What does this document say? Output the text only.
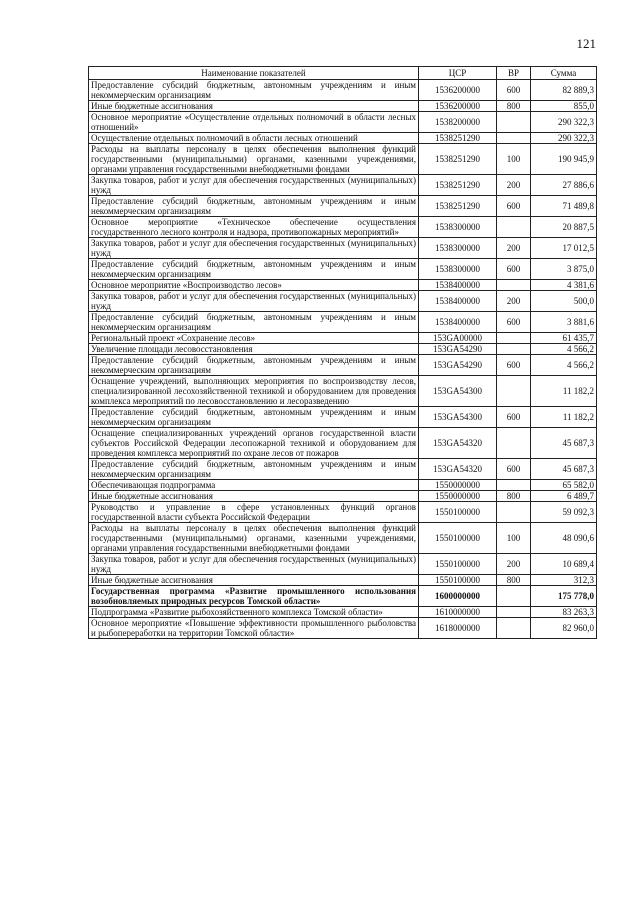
121
Наименование показателей	ЦСР	ВР	Сумма
Предоставление субсидий бюджетным, автономным учреждениям и иным некоммерческим организациям	1536200000	600	82 889,3
Иные бюджетные ассигнования	1536200000	800	855,0
Основное мероприятие «Осуществление отдельных полномочий в области лесных отношений»	1538200000		290 322,3
Осуществление отдельных полномочий в области лесных отношений	1538251290		290 322,3
Расходы на выплаты персоналу в целях обеспечения выполнения функций государственными (муниципальными) органами, казенными учреждениями, органами управления государственными внебюджетными фондами	1538251290	100	190 945,9
Закупка товаров, работ и услуг для обеспечения государственных (муниципальных) нужд	1538251290	200	27 886,6
Предоставление субсидий бюджетным, автономным учреждениям и иным некоммерческим организациям	1538251290	600	71 489,8
Основное мероприятие «Техническое обеспечение осуществления государственного лесного контроля и надзора, противопожарных мероприятий»	1538300000		20 887,5
Закупка товаров, работ и услуг для обеспечения государственных (муниципальных) нужд	1538300000	200	17 012,5
Предоставление субсидий бюджетным, автономным учреждениям и иным некоммерческим организациям	1538300000	600	3 875,0
Основное мероприятие «Воспроизводство лесов»	1538400000		4 381,6
Закупка товаров, работ и услуг для обеспечения государственных (муниципальных) нужд	1538400000	200	500,0
Предоставление субсидий бюджетным, автономным учреждениям и иным некоммерческим организациям	1538400000	600	3 881,6
Региональный проект «Сохранение лесов»	153GA00000		61 435,7
Увеличение площади лесовосстановления	153GA54290		4 566,2
Предоставление субсидий бюджетным, автономным учреждениям и иным некоммерческим организациям	153GA54290	600	4 566,2
Оснащение учреждений, выполняющих мероприятия по воспроизводству лесов, специализированной лесохозяйственной техникой и оборудованием для проведения комплекса мероприятий по лесовосстановлению и лесоразведению	153GA54300		11 182,2
Предоставление субсидий бюджетным, автономным учреждениям и иным некоммерческим организациям	153GA54300	600	11 182,2
Оснащение специализированных учреждений органов государственной власти субъектов Российской Федерации лесопожарной техникой и оборудованием для проведения комплекса мероприятий по охране лесов от пожаров	153GA54320		45 687,3
Предоставление субсидий бюджетным, автономным учреждениям и иным некоммерческим организациям	153GA54320	600	45 687,3
Обеспечивающая подпрограмма	1550000000		65 582,0
Иные бюджетные ассигнования	1550000000	800	6 489,7
Руководство и управление в сфере установленных функций органов государственной власти субъекта Российской Федерации	1550100000		59 092,3
Расходы на выплаты персоналу в целях обеспечения выполнения функций государственными (муниципальными) органами, казенными учреждениями, органами управления государственными внебюджетными фондами	1550100000	100	48 090,6
Закупка товаров, работ и услуг для обеспечения государственных (муниципальных) нужд	1550100000	200	10 689,4
Иные бюджетные ассигнования	1550100000	800	312,3
Государственная программа «Развитие промышленного использования возобновляемых природных ресурсов Томской области»	1600000000		175 778,0
Подпрограмма «Развитие рыбохозяйственного комплекса Томской области»	1610000000		83 263,3
Основное мероприятие «Повышение эффективности промышленного рыболовства и рыбопереработки на территории Томской области»	1618000000		82 960,0
